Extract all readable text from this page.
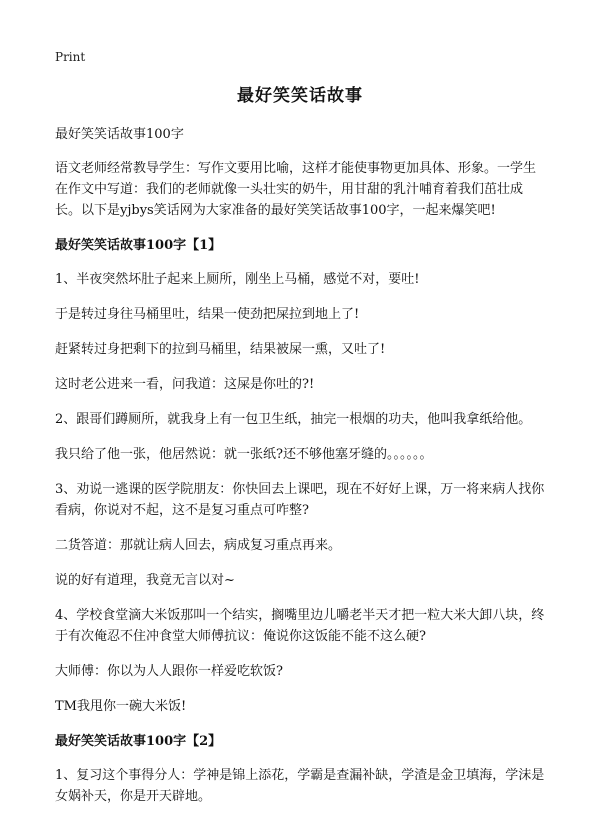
Print
最好笑笑话故事
最好笑笑话故事100字

语文老师经常教导学生：写作文要用比喻，这样才能使事物更加具体、形象。一学生在作文中写道：我们的老师就像一头壮实的奶牛，用甘甜的乳汁哺育着我们茁壮成长。以下是yjbys笑话网为大家准备的最好笑笑话故事100字，一起来爆笑吧!

最好笑笑话故事100字【1】

1、半夜突然坏肚子起来上厕所，刚坐上马桶，感觉不对，要吐!

于是转过身往马桶里吐，结果一使劲把屎拉到地上了!

赶紧转过身把剩下的拉到马桶里，结果被屎一熏，又吐了!

这时老公进来一看，问我道：这屎是你吐的?!

2、跟哥们蹲厕所，就我身上有一包卫生纸，抽完一根烟的功夫，他叫我拿纸给他。

我只给了他一张，他居然说：就一张纸?还不够他塞牙缝的。。。。。。

3、劝说一逃课的医学院朋友：你快回去上课吧，现在不好好上课，万一将来病人找你看病，你说对不起，这不是复习重点可咋整?

二货答道：那就让病人回去，病成复习重点再来。

说的好有道理，我竟无言以对~

4、学校食堂滴大米饭那叫一个结实，搁嘴里边儿嚼老半天才把一粒大米大卸八块，终于有次俺忍不住冲食堂大师傅抗议：俺说你这饭能不能不这么硬?

大师傅：你以为人人跟你一样爱吃软饭?

TM我甩你一碗大米饭!

最好笑笑话故事100字【2】

1、复习这个事得分人：学神是锦上添花，学霸是查漏补缺，学渣是金卫填海，学沫是女娲补天，你是开天辟地。
